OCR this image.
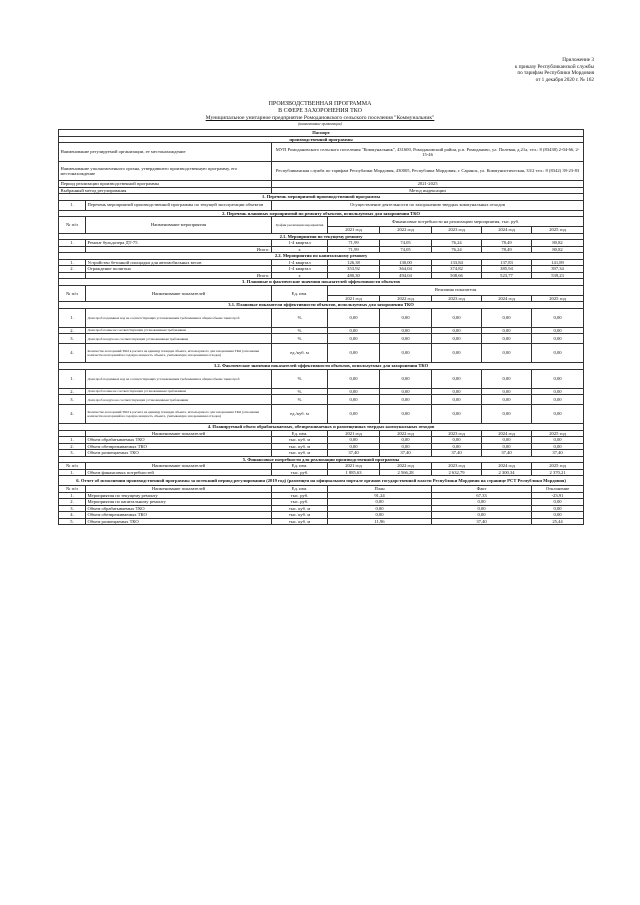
Приложение 3
к приказу Республиканской службы
по тарифам Республики Мордовия
от 1 декабря 2020 г. № 162
ПРОИЗВОДСТВЕННАЯ ПРОГРАММА
В СФЕРЕ ЗАХОРОНЕНИЯ ТКО
Муниципальное унитарное предприятие Ромодановского сельского поселения "Коммунальник"
(наименование организации)
Паспорт							
производственной программы							
Наименование регулируемой организации, ее местонахождение		МУП Ромодановского сельского поселения "Коммунальник", 431600, Ромодановский район, р.п. Ромоданово, ул. Полевая, д.21а, тел.: 8 (83438) 2-04-66, 2-15-46					
Наименование уполномоченного органа, утвердившего производственную программу, его местонахождение		Республиканская служба по тарифам Республики Мордовия, 430005, Республика Мордовия, г. Саранск, ул. Коммунистическая, 33/2 тел.: 8 (8342) 39-23-83					
Период реализации производственной программы		2021-2025					
Выбранный метод регулирования		Метод индексации					
1. Перечень мероприятий производственной программы							
1.	Перечень мероприятий производственной программы по текущей эксплуатации объектов	Осуществление деятельности по захоронению твердых коммунальных отходов					
2. Перечень плановых мероприятий по ремонту объектов, используемых для захоронения ТКО							
№ п/п	Наименование мероприятия	График реализации мероприятия	Финансовые потребности на реализацию мероприятия, тыс. руб.				
			2021 год	2022 год	2023 год	2024 год	2025 год
2.1. Мероприятия по текущему ремонту							
1.	Ремонт бульдозера ДТ-75	1-4 квартал	71,99	74,05	76,24	78,49	80,82
	Итого:	х	71,99	74,05	76,24	78,49	80,82
2.2. Мероприятия по капитальному ремонту							
1.	Устройство бетонной площадки для автомобильных весов	1-4 квартал	126,38	130,00	133,84	137,83	141,89
2.	Ограждение полигона	1-4 квартал	353,92	364,04	374,82	385,94	397,34
	Итого:	х	480,30	494,04	508,66	523,77	539,23
3. Плановые и фактические значения показателей эффективности объектов							
№ п/п	Наименование показателей	Ед. изм.	Величина показателя				
			2021 год	2022 год	2023 год	2024 год	2025 год
3.1. Плановые показатели эффективности объектов, используемых для захоронения ТКО							
1.	Доля проб подземных вод не соответствующих установленным требованиям в общем объеме таких проб	%	0,00	0,00	0,00	0,00	0,00
2.	Доля проб почвы не соответствующих установленным требованиям	%	0,00	0,00	0,00	0,00	0,00
3.	Доля проб воздуха не соответствующих установленным требованиям	%	0,00	0,00	0,00	0,00	0,00
4.	Количество возгораний ТКО в расчете на единицу площади объекта, используемого для захоронения ТКО (отношение количества возгораний на годовую мощность объекта, учитываемую захоронением отходов)	ед./куб. м	0,00	0,00	0,00	0,00	0,00
3.2. Фактические значения показателей эффективности объектов, используемых для захоронения ТКО							
1.	Доля проб подземных вод не соответствующих установленным требованиям в общем объеме таких проб	%	0,00	0,00	0,00	0,00	0,00
2.	Доля проб почвы не соответствующих установленным требованиям	%	0,00	0,00	0,00	0,00	0,00
3.	Доля проб воздуха не соответствующих установленным требованиям	%	0,00	0,00	0,00	0,00	0,00
4.	Количество возгораний ТКО в расчете на единицу площади объекта, используемого для захоронения ТКО (отношение количества возгораний на годовую мощность объекта, учитываемую захоронением отходов)	ед./куб. м	0,00	0,00	0,00	0,00	0,00
4. Планируемый объем обрабатываемых, обезвреживаемых и размещенных твердых коммунальных отходов							
	Наименование показателей	Ед. изм.	2021 год	2022 год	2023 год	2024 год	2025 год
1.	Объем обрабатываемых ТКО	тыс. куб. м	0,00	0,00	0,00	0,00	0,00
2.	Объем обезвреживаемых ТКО	тыс. куб. м	0,00	0,00	0,00	0,00	0,00
3.	Объем размещаемых ТКО	тыс. куб. м	37,40	37,40	37,40	37,40	37,40
5. Финансовые потребности для реализации производственной программы							
№ п/п	Наименование показателей	Ед. изм.	2021 год	2022 год	2023 год	2024 год	2025 год
1.	Объем финансовых потребностей	тыс. руб.	1 885,63	2 566,28	2 632,79	2 300,34	2 370,21
6. Отчет об исполнении производственной программы за истекший период регулирования (2019 год) (размещен на официальном портале органов государственной власти Республики Мордовия на странице РСТ Республики Мордовия)							
№ п/п	Наименование показателей	Ед. изм.	План		Факт		Отклонение
1.	Мероприятия по текущему ремонту	тыс. руб.	91,24		67,33		-23,91
2.	Мероприятия по капитальному ремонту	тыс. руб.	0,00		0,00		0,00
3.	Объем обрабатываемых ТКО	тыс. куб. м	0,00		0,00		0,00
4.	Объем обезвреживаемых ТКО	тыс. куб. м	0,00		0,00		0,00
5.	Объем размещаемых ТКО	тыс. куб. м	11,96		37,40		25,44
